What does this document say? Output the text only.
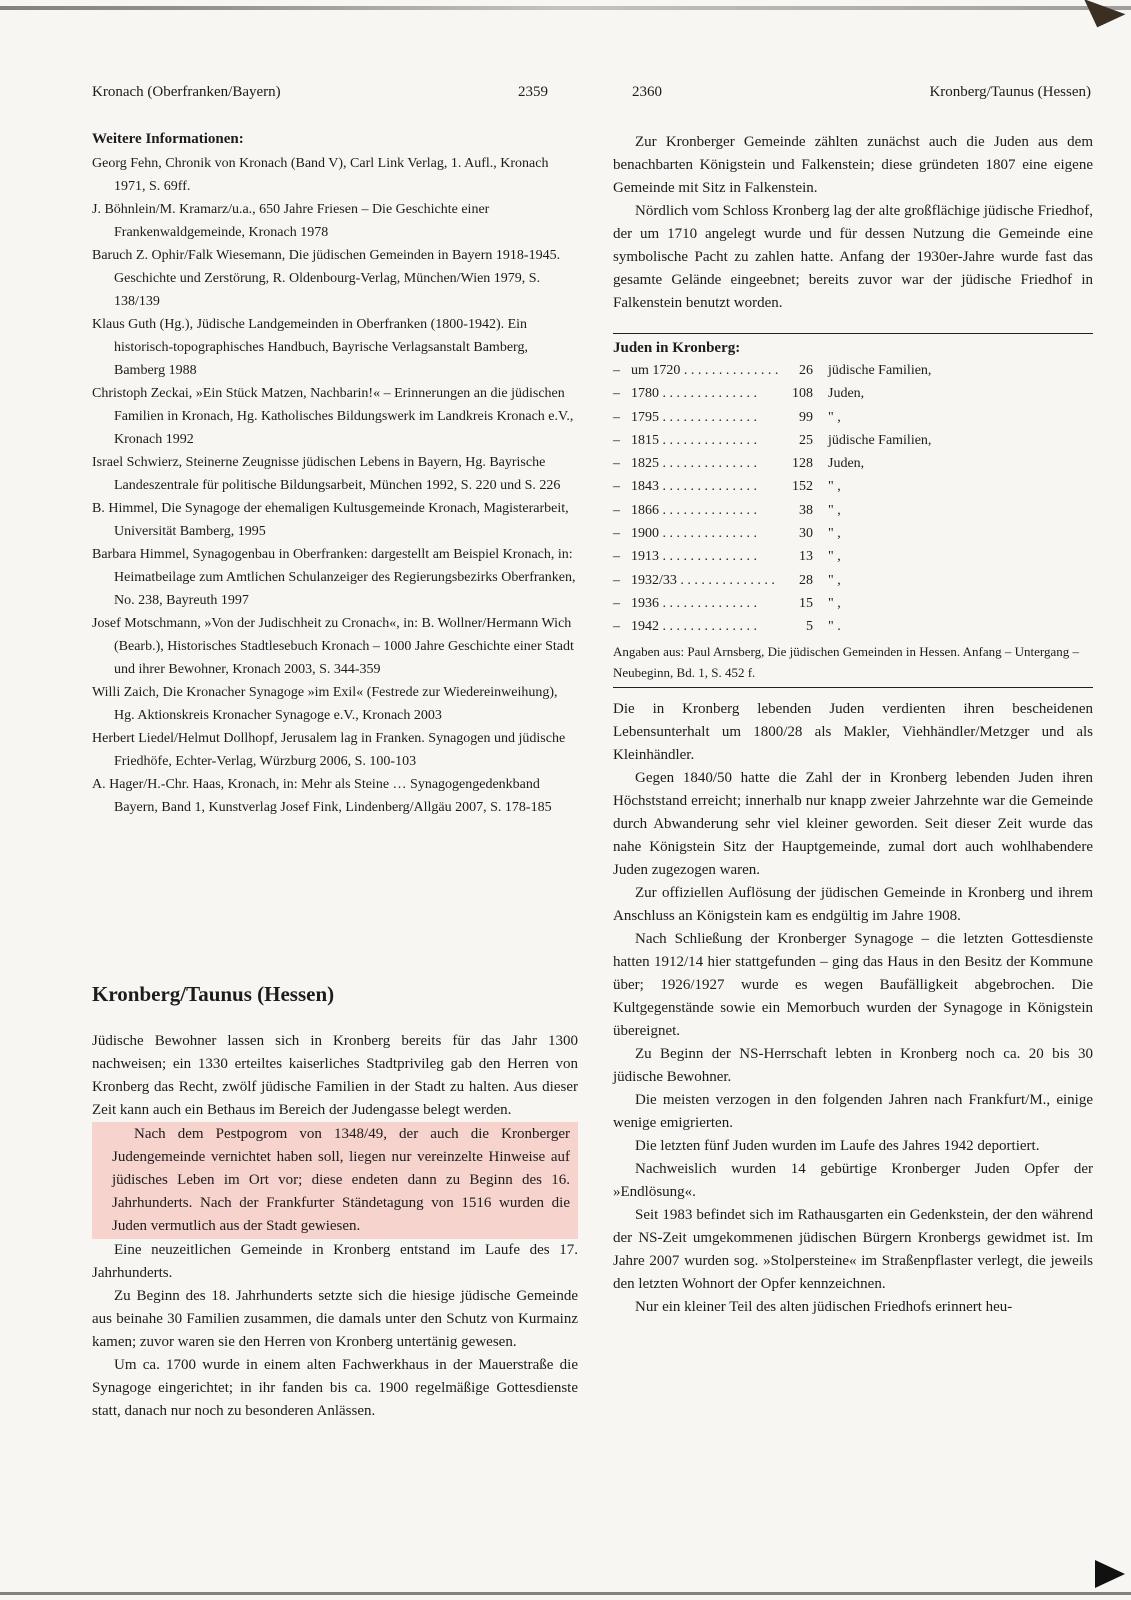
Kronach (Oberfranken/Bayern)	2359	2360	Kronberg/Taunus (Hessen)

Weitere Informationen:

Georg Fehn, Chronik von Kronach (Band V), Carl Link Verlag, 1. Aufl., Kronach 1971, S. 69ff.

J. Böhnlein/M. Kramarz/u.a., 650 Jahre Friesen – Die Geschichte einer Frankenwaldgemeinde, Kronach 1978

Baruch Z. Ophir/Falk Wiesemann, Die jüdischen Gemeinden in Bayern 1918-1945. Geschichte und Zerstörung, R. Oldenbourg-Verlag, München/Wien 1979, S. 138/139

Klaus Guth (Hg.), Jüdische Landgemeinden in Oberfranken (1800-1942). Ein historisch-topographisches Handbuch, Bayrische Verlagsanstalt Bamberg, Bamberg 1988

Christoph Zeckai, »Ein Stück Matzen, Nachbarin!« – Erinnerungen an die jüdischen Familien in Kronach, Hg. Katholisches Bildungswerk im Landkreis Kronach e.V., Kronach 1992

Israel Schwierz, Steinerne Zeugnisse jüdischen Lebens in Bayern, Hg. Bayrische Landeszentrale für politische Bildungsarbeit, München 1992, S. 220 und S. 226

B. Himmel, Die Synagoge der ehemaligen Kultusgemeinde Kronach, Magisterarbeit, Universität Bamberg, 1995

Barbara Himmel, Synagogenbau in Oberfranken: dargestellt am Beispiel Kronach, in: Heimatbeilage zum Amtlichen Schulanzeiger des Regierungsbezirks Oberfranken, No. 238, Bayreuth 1997

Josef Motschmann, »Von der Judischheit zu Cronach«, in: B. Wollner/Hermann Wich (Bearb.), Historisches Stadtlesebuch Kronach – 1000 Jahre Geschichte einer Stadt und ihrer Bewohner, Kronach 2003, S. 344-359

Willi Zaich, Die Kronacher Synagoge »im Exil« (Festrede zur Wiedereinweihung), Hg. Aktionskreis Kronacher Synagoge e.V., Kronach 2003

Herbert Liedel/Helmut Dollhopf, Jerusalem lag in Franken. Synagogen und jüdische Friedhöfe, Echter-Verlag, Würzburg 2006, S. 100-103

A. Hager/H.-Chr. Haas, Kronach, in: Mehr als Steine … Synagogengedenkband Bayern, Band 1, Kunstverlag Josef Fink, Lindenberg/Allgäu 2007, S. 178-185

Kronberg/Taunus (Hessen)

Jüdische Bewohner lassen sich in Kronberg bereits für das Jahr 1300 nachweisen; ein 1330 erteiltes kaiserliches Stadtprivileg gab den Herren von Kronberg das Recht, zwölf jüdische Familien in der Stadt zu halten. Aus dieser Zeit kann auch ein Bethaus im Bereich der Judengasse belegt werden.

Nach dem Pestpogrom von 1348/49, der auch die Kronberger Judengemeinde vernichtet haben soll, liegen nur vereinzelte Hinweise auf jüdisches Leben im Ort vor; diese endeten dann zu Beginn des 16. Jahrhunderts. Nach der Frankfurter Ständetagung von 1516 wurden die Juden vermutlich aus der Stadt gewiesen.

Eine neuzeitlichen Gemeinde in Kronberg entstand im Laufe des 17. Jahrhunderts.

Zu Beginn des 18. Jahrhunderts setzte sich die hiesige jüdische Gemeinde aus beinahe 30 Familien zusammen, die damals unter den Schutz von Kurmainz kamen; zuvor waren sie den Herren von Kronberg untertänig gewesen.

Um ca. 1700 wurde in einem alten Fachwerkhaus in der Mauerstraße die Synagoge eingerichtet; in ihr fanden bis ca. 1900 regelmäßige Gottesdienste statt, danach nur noch zu besonderen Anlässen.

Zur Kronberger Gemeinde zählten zunächst auch die Juden aus dem benachbarten Königstein und Falkenstein; diese gründeten 1807 eine eigene Gemeinde mit Sitz in Falkenstein.

Nördlich vom Schloss Kronberg lag der alte großflächige jüdische Friedhof, der um 1710 angelegt wurde und für dessen Nutzung die Gemeinde eine symbolische Pacht zu zahlen hatte. Anfang der 1930er-Jahre wurde fast das gesamte Gelände eingeebnet; bereits zuvor war der jüdische Friedhof in Falkenstein benutzt worden.

Juden in Kronberg:

– um 1720 . . . . . . . . . . . . . .	26 jüdische Familien,
– 1780 . . . . . . . . . . . . . .	108 Juden,
– 1795 . . . . . . . . . . . . . .	99 " ,
– 1815 . . . . . . . . . . . . . .	25 jüdische Familien,
– 1825 . . . . . . . . . . . . . .	128 Juden,
– 1843 . . . . . . . . . . . . . .	152 " ,
– 1866 . . . . . . . . . . . . . .	38 " ,
– 1900 . . . . . . . . . . . . . .	30 " ,
– 1913 . . . . . . . . . . . . . .	13 " ,
– 1932/33 . . . . . . . . . . . . . .	28 " ,
– 1936 . . . . . . . . . . . . . .	15 " ,
– 1942 . . . . . . . . . . . . . .	5 " .

Angaben aus: Paul Arnsberg, Die jüdischen Gemeinden in Hessen. Anfang – Untergang – Neubeginn, Bd. 1, S. 452 f.

Die in Kronberg lebenden Juden verdienten ihren bescheidenen Lebensunterhalt um 1800/28 als Makler, Viehhändler/Metzger und als Kleinhändler.

Gegen 1840/50 hatte die Zahl der in Kronberg lebenden Juden ihren Höchststand erreicht; innerhalb nur knapp zweier Jahrzehnte war die Gemeinde durch Abwanderung sehr viel kleiner geworden. Seit dieser Zeit wurde das nahe Königstein Sitz der Hauptgemeinde, zumal dort auch wohlhabendere Juden zugezogen waren.

Zur offiziellen Auflösung der jüdischen Gemeinde in Kronberg und ihrem Anschluss an Königstein kam es endgültig im Jahre 1908.

Nach Schließung der Kronberger Synagoge – die letzten Gottesdienste hatten 1912/14 hier stattgefunden – ging das Haus in den Besitz der Kommune über; 1926/1927 wurde es wegen Baufälligkeit abgebrochen. Die Kultgegenstände sowie ein Memorbuch wurden der Synagoge in Königstein übereignet.

Zu Beginn der NS-Herrschaft lebten in Kronberg noch ca. 20 bis 30 jüdische Bewohner.

Die meisten verzogen in den folgenden Jahren nach Frankfurt/M., einige wenige emigrierten.

Die letzten fünf Juden wurden im Laufe des Jahres 1942 deportiert.

Nachweislich wurden 14 gebürtige Kronberger Juden Opfer der »Endlösung«.

Seit 1983 befindet sich im Rathausgarten ein Gedenkstein, der den während der NS-Zeit umgekommenen jüdischen Bürgern Kronbergs gewidmet ist. Im Jahre 2007 wurden sog. »Stolpersteine« im Straßenpflaster verlegt, die jeweils den letzten Wohnort der Opfer kennzeichnen.

Nur ein kleiner Teil des alten jüdischen Friedhofs erinnert heu-
